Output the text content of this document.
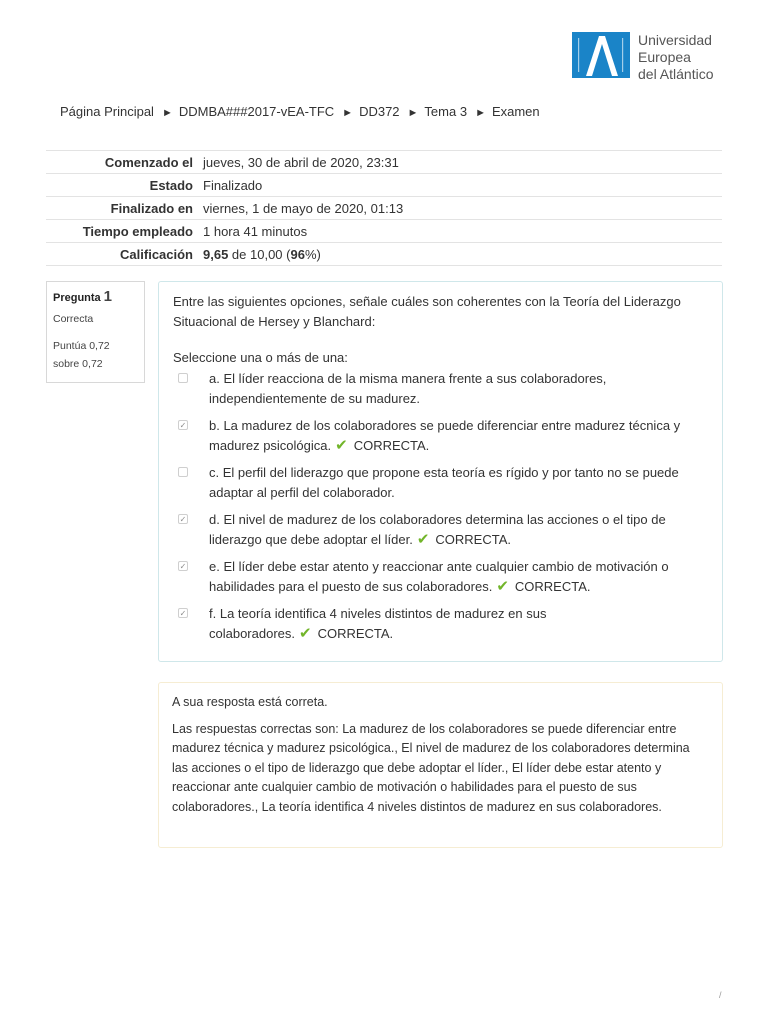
Universidad
Europea
del Atlántico
Página Principal ► DDMBA###2017-vEA-TFC ► DD372 ► Tema 3 ► Examen
Comenzado el	jueves, 30 de abril de 2020, 23:31
Estado	Finalizado
Finalizado en	viernes, 1 de mayo de 2020, 01:13
Tiempo empleado	1 hora 41 minutos
Calificación	9,65 de 10,00 (96%)
Pregunta 1
Correcta
Puntúa 0,72 sobre 0,72
Entre las siguientes opciones, señale cuáles son coherentes con la Teoría del Liderazgo Situacional de Hersey y Blanchard:
Seleccione una o más de una:
a. El líder reacciona de la misma manera frente a sus colaboradores, independientemente de su madurez.
✓ b. La madurez de los colaboradores se puede diferenciar entre madurez técnica y madurez psicológica. ✔ CORRECTA.
c. El perfil del liderazgo que propone esta teoría es rígido y por tanto no se puede adaptar al perfil del colaborador.
✓ d. El nivel de madurez de los colaboradores determina las acciones o el tipo de liderazgo que debe adoptar el líder. ✔ CORRECTA.
✓ e. El líder debe estar atento y reaccionar ante cualquier cambio de motivación o habilidades para el puesto de sus colaboradores. ✔ CORRECTA.
✓ f. La teoría identifica 4 niveles distintos de madurez en sus colaboradores. ✔ CORRECTA.
A sua resposta está correta.
Las respuestas correctas son: La madurez de los colaboradores se puede diferenciar entre madurez técnica y madurez psicológica., El nivel de madurez de los colaboradores determina las acciones o el tipo de liderazgo que debe adoptar el líder., El líder debe estar atento y reaccionar ante cualquier cambio de motivación o habilidades para el puesto de sus colaboradores., La teoría identifica 4 niveles distintos de madurez en sus colaboradores.
/
